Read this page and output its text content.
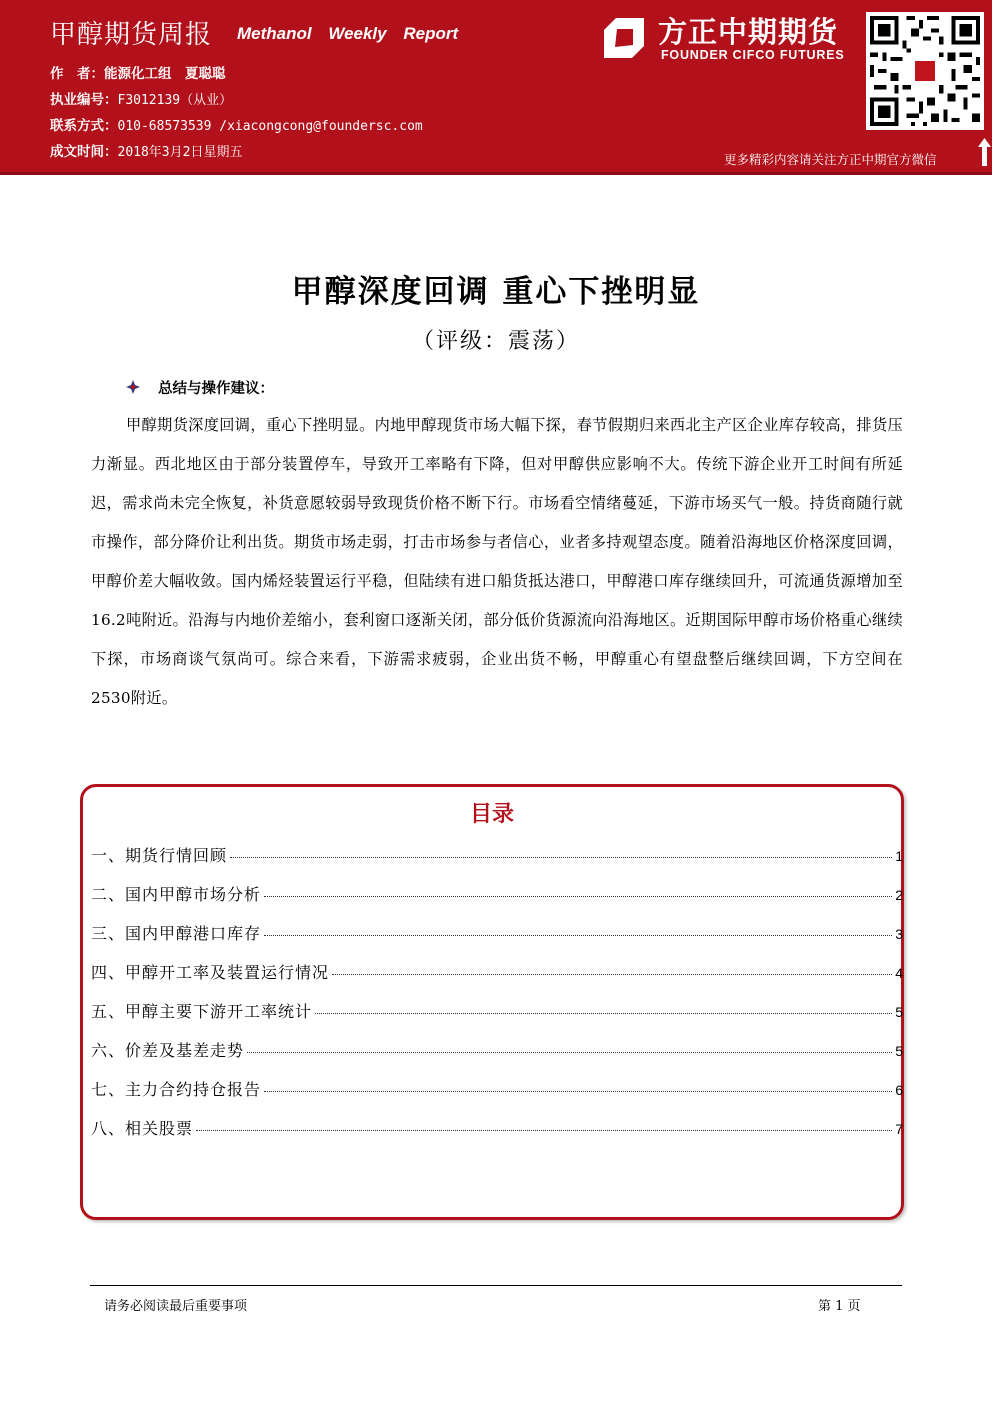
甲醇期货周报 Methanol Weekly Report
作　者：能源化工组　夏聪聪
执业编号：F3012139（从业）
联系方式：010-68573539 /xiacongcong@foundersc.com
成文时间：2018年3月2日星期五
方正中期期货
FOUNDER CIFCO FUTURES
更多精彩内容请关注方正中期官方微信
甲醇深度回调 重心下挫明显
（评级：震荡）
总结与操作建议：
甲醇期货深度回调，重心下挫明显。内地甲醇现货市场大幅下探，春节假期归来西北主产区企业库存较高，排货压力渐显。西北地区由于部分装置停车，导致开工率略有下降，但对甲醇供应影响不大。传统下游企业开工时间有所延迟，需求尚未完全恢复，补货意愿较弱导致现货价格不断下行。市场看空情绪蔓延，下游市场买气一般。持货商随行就市操作，部分降价让利出货。期货市场走弱，打击市场参与者信心，业者多持观望态度。随着沿海地区价格深度回调，甲醇价差大幅收敛。国内烯烃装置运行平稳，但陆续有进口船货抵达港口，甲醇港口库存继续回升，可流通货源增加至16.2吨附近。沿海与内地价差缩小，套利窗口逐渐关闭，部分低价货源流向沿海地区。近期国际甲醇市场价格重心继续下探，市场商谈气氛尚可。综合来看，下游需求疲弱，企业出货不畅，甲醇重心有望盘整后继续回调，下方空间在2530附近。
目录
一、期货行情回顾	1
二、国内甲醇市场分析	2
三、国内甲醇港口库存	3
四、甲醇开工率及装置运行情况	4
五、甲醇主要下游开工率统计	5
六、价差及基差走势	5
七、主力合约持仓报告	6
八、相关股票	7
请务必阅读最后重要事项	第 1 页
